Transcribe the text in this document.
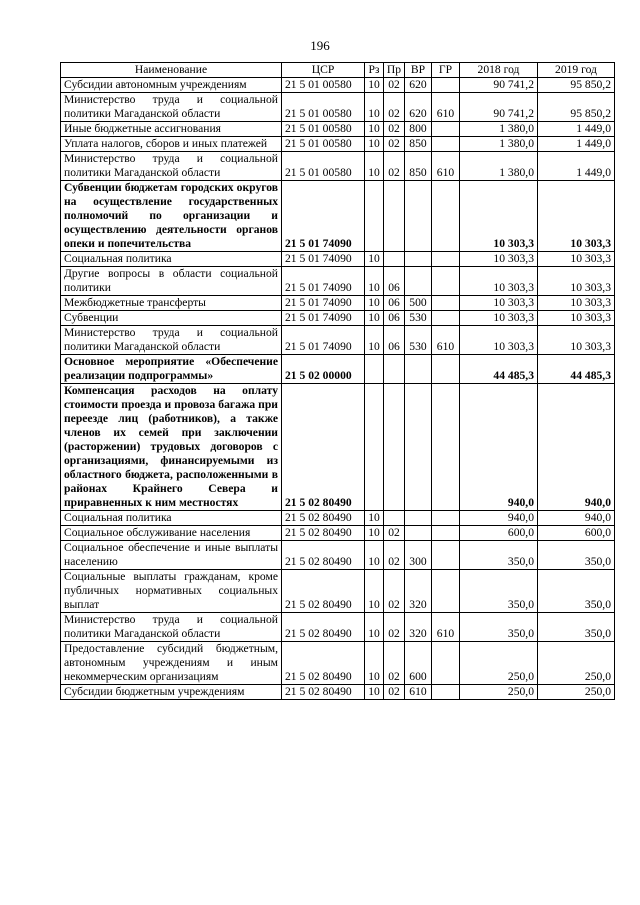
196
Наименование	ЦСР	Рз	Пр	ВР	ГР	2018 год	2019 год
Субсидии автономным учреждениям	21 5 01 00580	10	02	620		90 741,2	95 850,2
Министерство труда и социальной политики Магаданской области	21 5 01 00580	10	02	620	610	90 741,2	95 850,2
Иные бюджетные ассигнования	21 5 01 00580	10	02	800		1 380,0	1 449,0
Уплата налогов, сборов и иных платежей	21 5 01 00580	10	02	850		1 380,0	1 449,0
Министерство труда и социальной политики Магаданской области	21 5 01 00580	10	02	850	610	1 380,0	1 449,0
Субвенции бюджетам городских округов на осуществление государственных полномочий по организации и осуществлению деятельности органов опеки и попечительства	21 5 01 74090					10 303,3	10 303,3
Социальная политика	21 5 01 74090	10				10 303,3	10 303,3
Другие вопросы в области социальной политики	21 5 01 74090	10	06			10 303,3	10 303,3
Межбюджетные трансферты	21 5 01 74090	10	06	500		10 303,3	10 303,3
Субвенции	21 5 01 74090	10	06	530		10 303,3	10 303,3
Министерство труда и социальной политики Магаданской области	21 5 01 74090	10	06	530	610	10 303,3	10 303,3
Основное мероприятие «Обеспечение реализации подпрограммы»	21 5 02 00000					44 485,3	44 485,3
Компенсация расходов на оплату стоимости проезда и провоза багажа при переезде лиц (работников), а также членов их семей при заключении (расторжении) трудовых договоров с организациями, финансируемыми из областного бюджета, расположенными в районах Крайнего Севера и приравненных к ним местностях	21 5 02 80490					940,0	940,0
Социальная политика	21 5 02 80490	10				940,0	940,0
Социальное обслуживание населения	21 5 02 80490	10	02			600,0	600,0
Социальное обеспечение и иные выплаты населению	21 5 02 80490	10	02	300		350,0	350,0
Социальные выплаты гражданам, кроме публичных нормативных социальных выплат	21 5 02 80490	10	02	320		350,0	350,0
Министерство труда и социальной политики Магаданской области	21 5 02 80490	10	02	320	610	350,0	350,0
Предоставление субсидий бюджетным, автономным учреждениям и иным некоммерческим организациям	21 5 02 80490	10	02	600		250,0	250,0
Субсидии бюджетным учреждениям	21 5 02 80490	10	02	610		250,0	250,0
